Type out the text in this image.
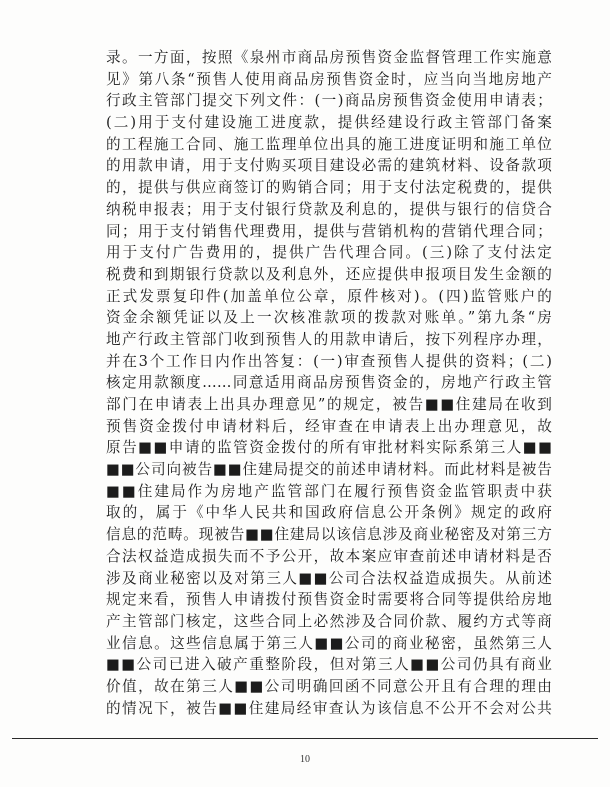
录。一方面，按照《泉州市商品房预售资金监督管理工作实施意
见》第八条“预售人使用商品房预售资金时，应当向当地房地产
行政主管部门提交下列文件：(一)商品房预售资金使用申请表；
(二)用于支付建设施工进度款，提供经建设行政主管部门备案
的工程施工合同、施工监理单位出具的施工进度证明和施工单位
的用款申请，用于支付购买项目建设必需的建筑材料、设备款项
的，提供与供应商签订的购销合同；用于支付法定税费的，提供
纳税申报表；用于支付银行贷款及利息的，提供与银行的信贷合
同；用于支付销售代理费用，提供与营销机构的营销代理合同；
用于支付广告费用的，提供广告代理合同。(三)除了支付法定
税费和到期银行贷款以及利息外，还应提供申报项目发生金额的
正式发票复印件(加盖单位公章，原件核对)。(四)监管账户的
资金余额凭证以及上一次核准款项的拨款对账单。”第九条“房
地产行政主管部门收到预售人的用款申请后，按下列程序办理，
并在3个工作日内作出答复：(一)审查预售人提供的资料；(二)
核定用款额度……同意适用商品房预售资金的，房地产行政主管
部门在申请表上出具办理意见”的规定，被告■■住建局在收到
预售资金拨付申请材料后，经审查在申请表上出办理意见，故
原告■■申请的监管资金拨付的所有审批材料实际系第三人■■
■■公司向被告■■住建局提交的前述申请材料。而此材料是被告
■■住建局作为房地产监管部门在履行预售资金监管职责中获
取的，属于《中华人民共和国政府信息公开条例》规定的政府
信息的范畴。现被告■■住建局以该信息涉及商业秘密及对第三方
合法权益造成损失而不予公开，故本案应审查前述申请材料是否
涉及商业秘密以及对第三人■■公司合法权益造成损失。从前述
规定来看，预售人申请拨付预售资金时需要将合同等提供给房地
产主管部门核定，这些合同上必然涉及合同价款、履约方式等商
业信息。这些信息属于第三人■■公司的商业秘密，虽然第三人
■■公司已进入破产重整阶段，但对第三人■■公司仍具有商业
价值，故在第三人■■公司明确回函不同意公开且有合理的理由
的情况下，被告■■住建局经审查认为该信息不公开不会对公共
10
